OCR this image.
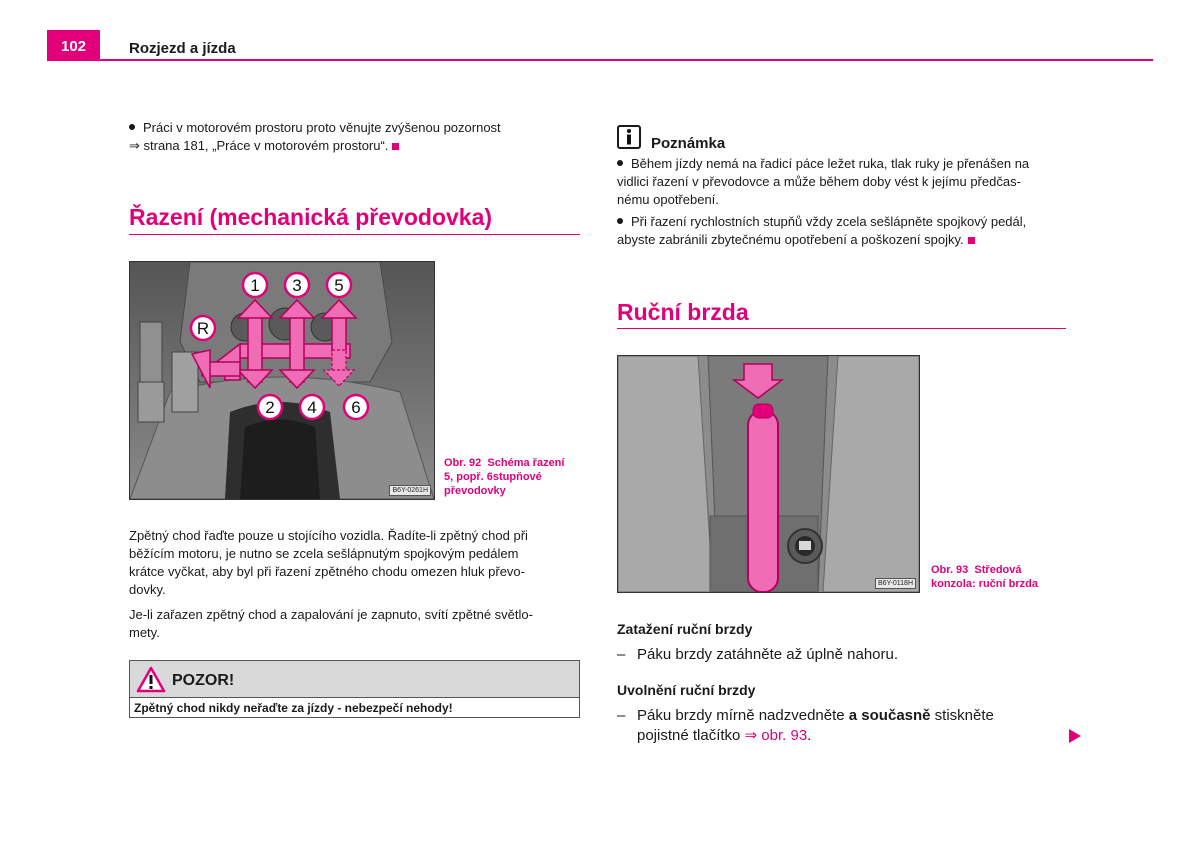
102	Rozjezd a jízda
Práci v motorovém prostoru proto věnujte zvýšenou pozornost
⇒ strana 181, „Práce v motorovém prostoru“.
Řazení (mechanická převodovka)
1 3 5
R
2 4 6
B6Y-0261H
Obr. 92 Schéma řazení
5, popř. 6stupňové
převodovky
Zpětný chod řaďte pouze u stojícího vozidla. Řadíte-li zpětný chod při
běžícím motoru, je nutno se zcela sešlápnutým spojkovým pedálem
krátce vyčkat, aby byl při řazení zpětného chodu omezen hluk převo-
dovky.
Je-li zařazen zpětný chod a zapalování je zapnuto, svítí zpětné světlo-
mety.
POZOR!
Zpětný chod nikdy neřaďte za jízdy - nebezpečí nehody!
Poznámka
Během jízdy nemá na řadicí páce ležet ruka, tlak ruky je přenášen na
vidlici řazení v převodovce a může během doby vést k jejímu předčas-
nému opotřebení.
Při řazení rychlostních stupňů vždy zcela sešlápněte spojkový pedál,
abyste zabránili zbytečnému opotřebení a poškození spojky.
Ruční brzda
B6Y-0118H
Obr. 93 Středová
konzola: ruční brzda
Zatažení ruční brzdy
– Páku brzdy zatáhněte až úplně nahoru.
Uvolnění ruční brzdy
– Páku brzdy mírně nadzvedněte a současně stiskněte
pojistné tlačítko ⇒ obr. 93.
